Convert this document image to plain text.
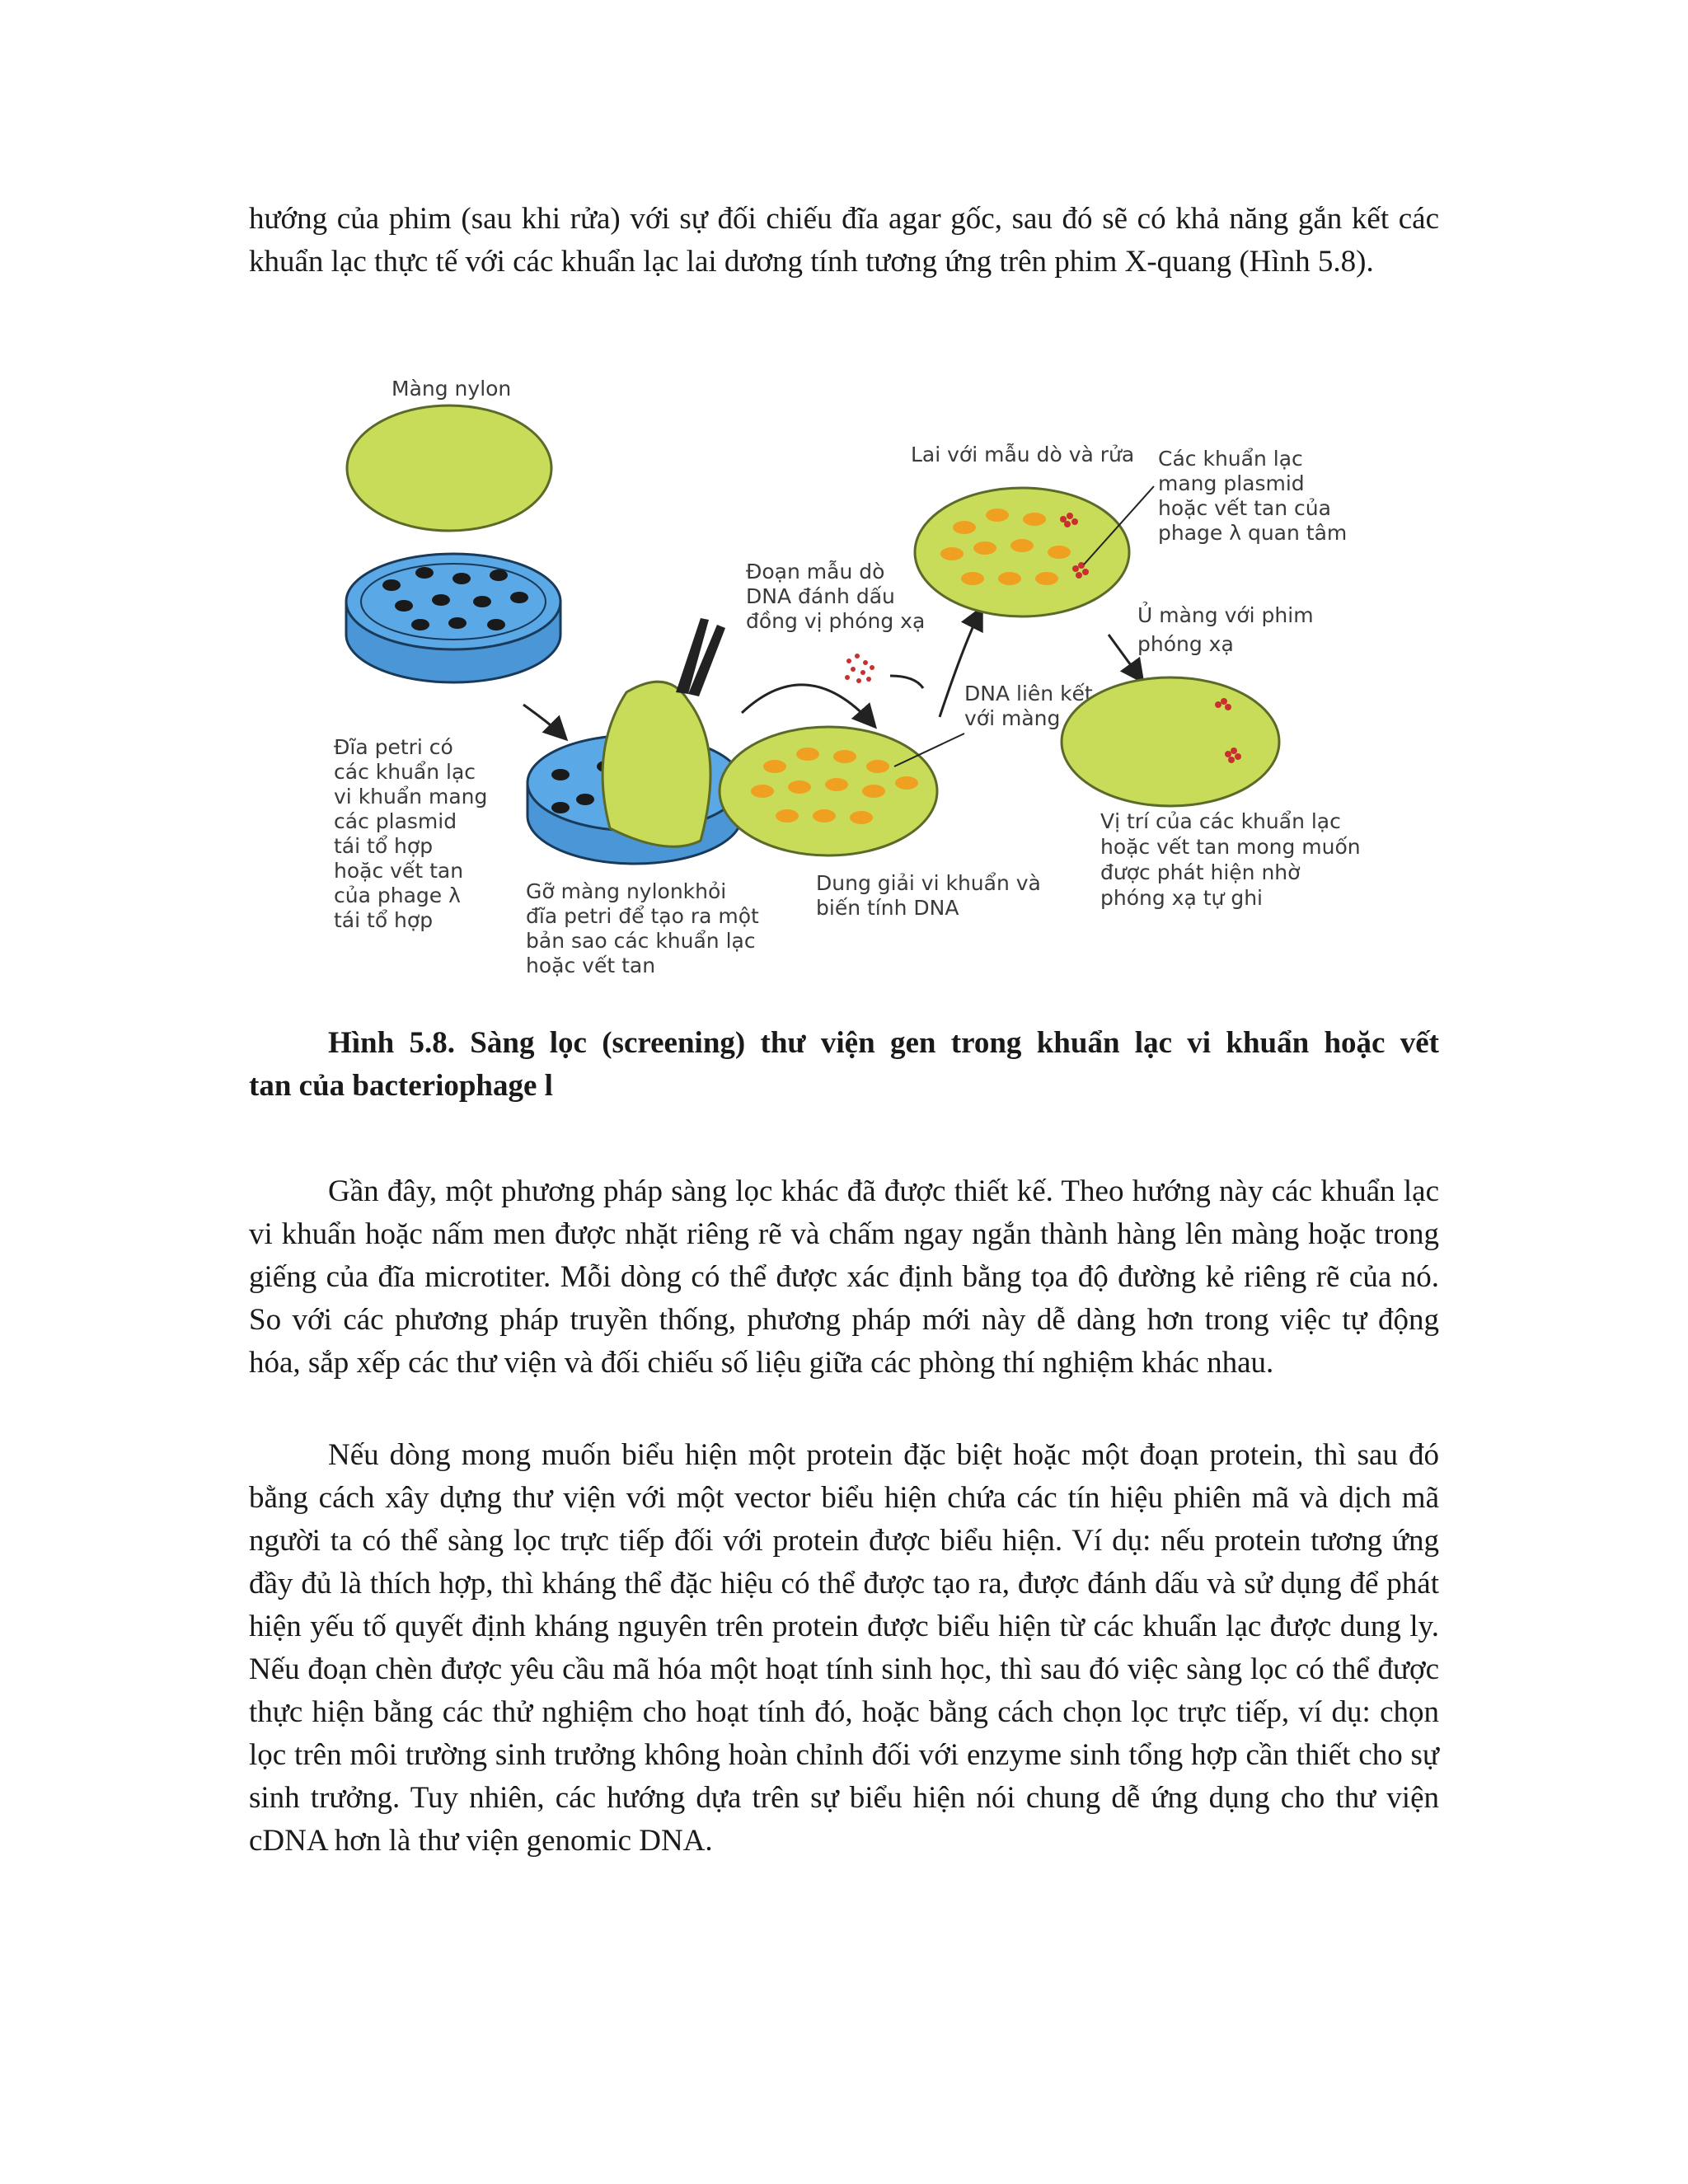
hướng của phim (sau khi rửa) với sự đối chiếu đĩa agar gốc, sau đó sẽ có khả năng gắn kết các khuẩn lạc thực tế với các khuẩn lạc lai dương tính tương ứng trên phim X-quang (Hình 5.8).

Màng nylon
Đĩa petri có các khuẩn lạc vi khuẩn mang các plasmid tái tổ hợp hoặc vết tan của phage λ tái tổ hợp
Gỡ màng nylonkhỏi đĩa petri để tạo ra một bản sao các khuẩn lạc hoặc vết tan
Dung giải vi khuẩn và biến tính DNA
DNA liên kết với màng
Đoạn mẫu dò DNA đánh dấu đồng vị phóng xạ
Lai với mẫu dò và rửa Các khuẩn lạc mang plasmid hoặc vết tan của phage λ quan tâm
Ủ màng với phim phóng xạ
Vị trí của các khuẩn lạc hoặc vết tan mong muốn được phát hiện nhờ phóng xạ tự ghi

Hình 5.8. Sàng lọc (screening) thư viện gen trong khuẩn lạc vi khuẩn hoặc vết
tan của bacteriophage l

Gần đây, một phương pháp sàng lọc khác đã được thiết kế. Theo hướng này các khuẩn lạc vi khuẩn hoặc nấm men được nhặt riêng rẽ và chấm ngay ngắn thành hàng lên màng hoặc trong giếng của đĩa microtiter. Mỗi dòng có thể được xác định bằng tọa độ đường kẻ riêng rẽ của nó. So với các phương pháp truyền thống, phương pháp mới này dễ dàng hơn trong việc tự động hóa, sắp xếp các thư viện và đối chiếu số liệu giữa các phòng thí nghiệm khác nhau.

Nếu dòng mong muốn biểu hiện một protein đặc biệt hoặc một đoạn protein, thì sau đó bằng cách xây dựng thư viện với một vector biểu hiện chứa các tín hiệu phiên mã và dịch mã người ta có thể sàng lọc trực tiếp đối với protein được biểu hiện. Ví dụ: nếu protein tương ứng đầy đủ là thích hợp, thì kháng thể đặc hiệu có thể được tạo ra, được đánh dấu và sử dụng để phát hiện yếu tố quyết định kháng nguyên trên protein được biểu hiện từ các khuẩn lạc được dung ly. Nếu đoạn chèn được yêu cầu mã hóa một hoạt tính sinh học, thì sau đó việc sàng lọc có thể được thực hiện bằng các thử nghiệm cho hoạt tính đó, hoặc bằng cách chọn lọc trực tiếp, ví dụ: chọn lọc trên môi trường sinh trưởng không hoàn chỉnh đối với enzyme sinh tổng hợp cần thiết cho sự sinh trưởng. Tuy nhiên, các hướng dựa trên sự biểu hiện nói chung dễ ứng dụng cho thư viện cDNA hơn là thư viện genomic DNA.
